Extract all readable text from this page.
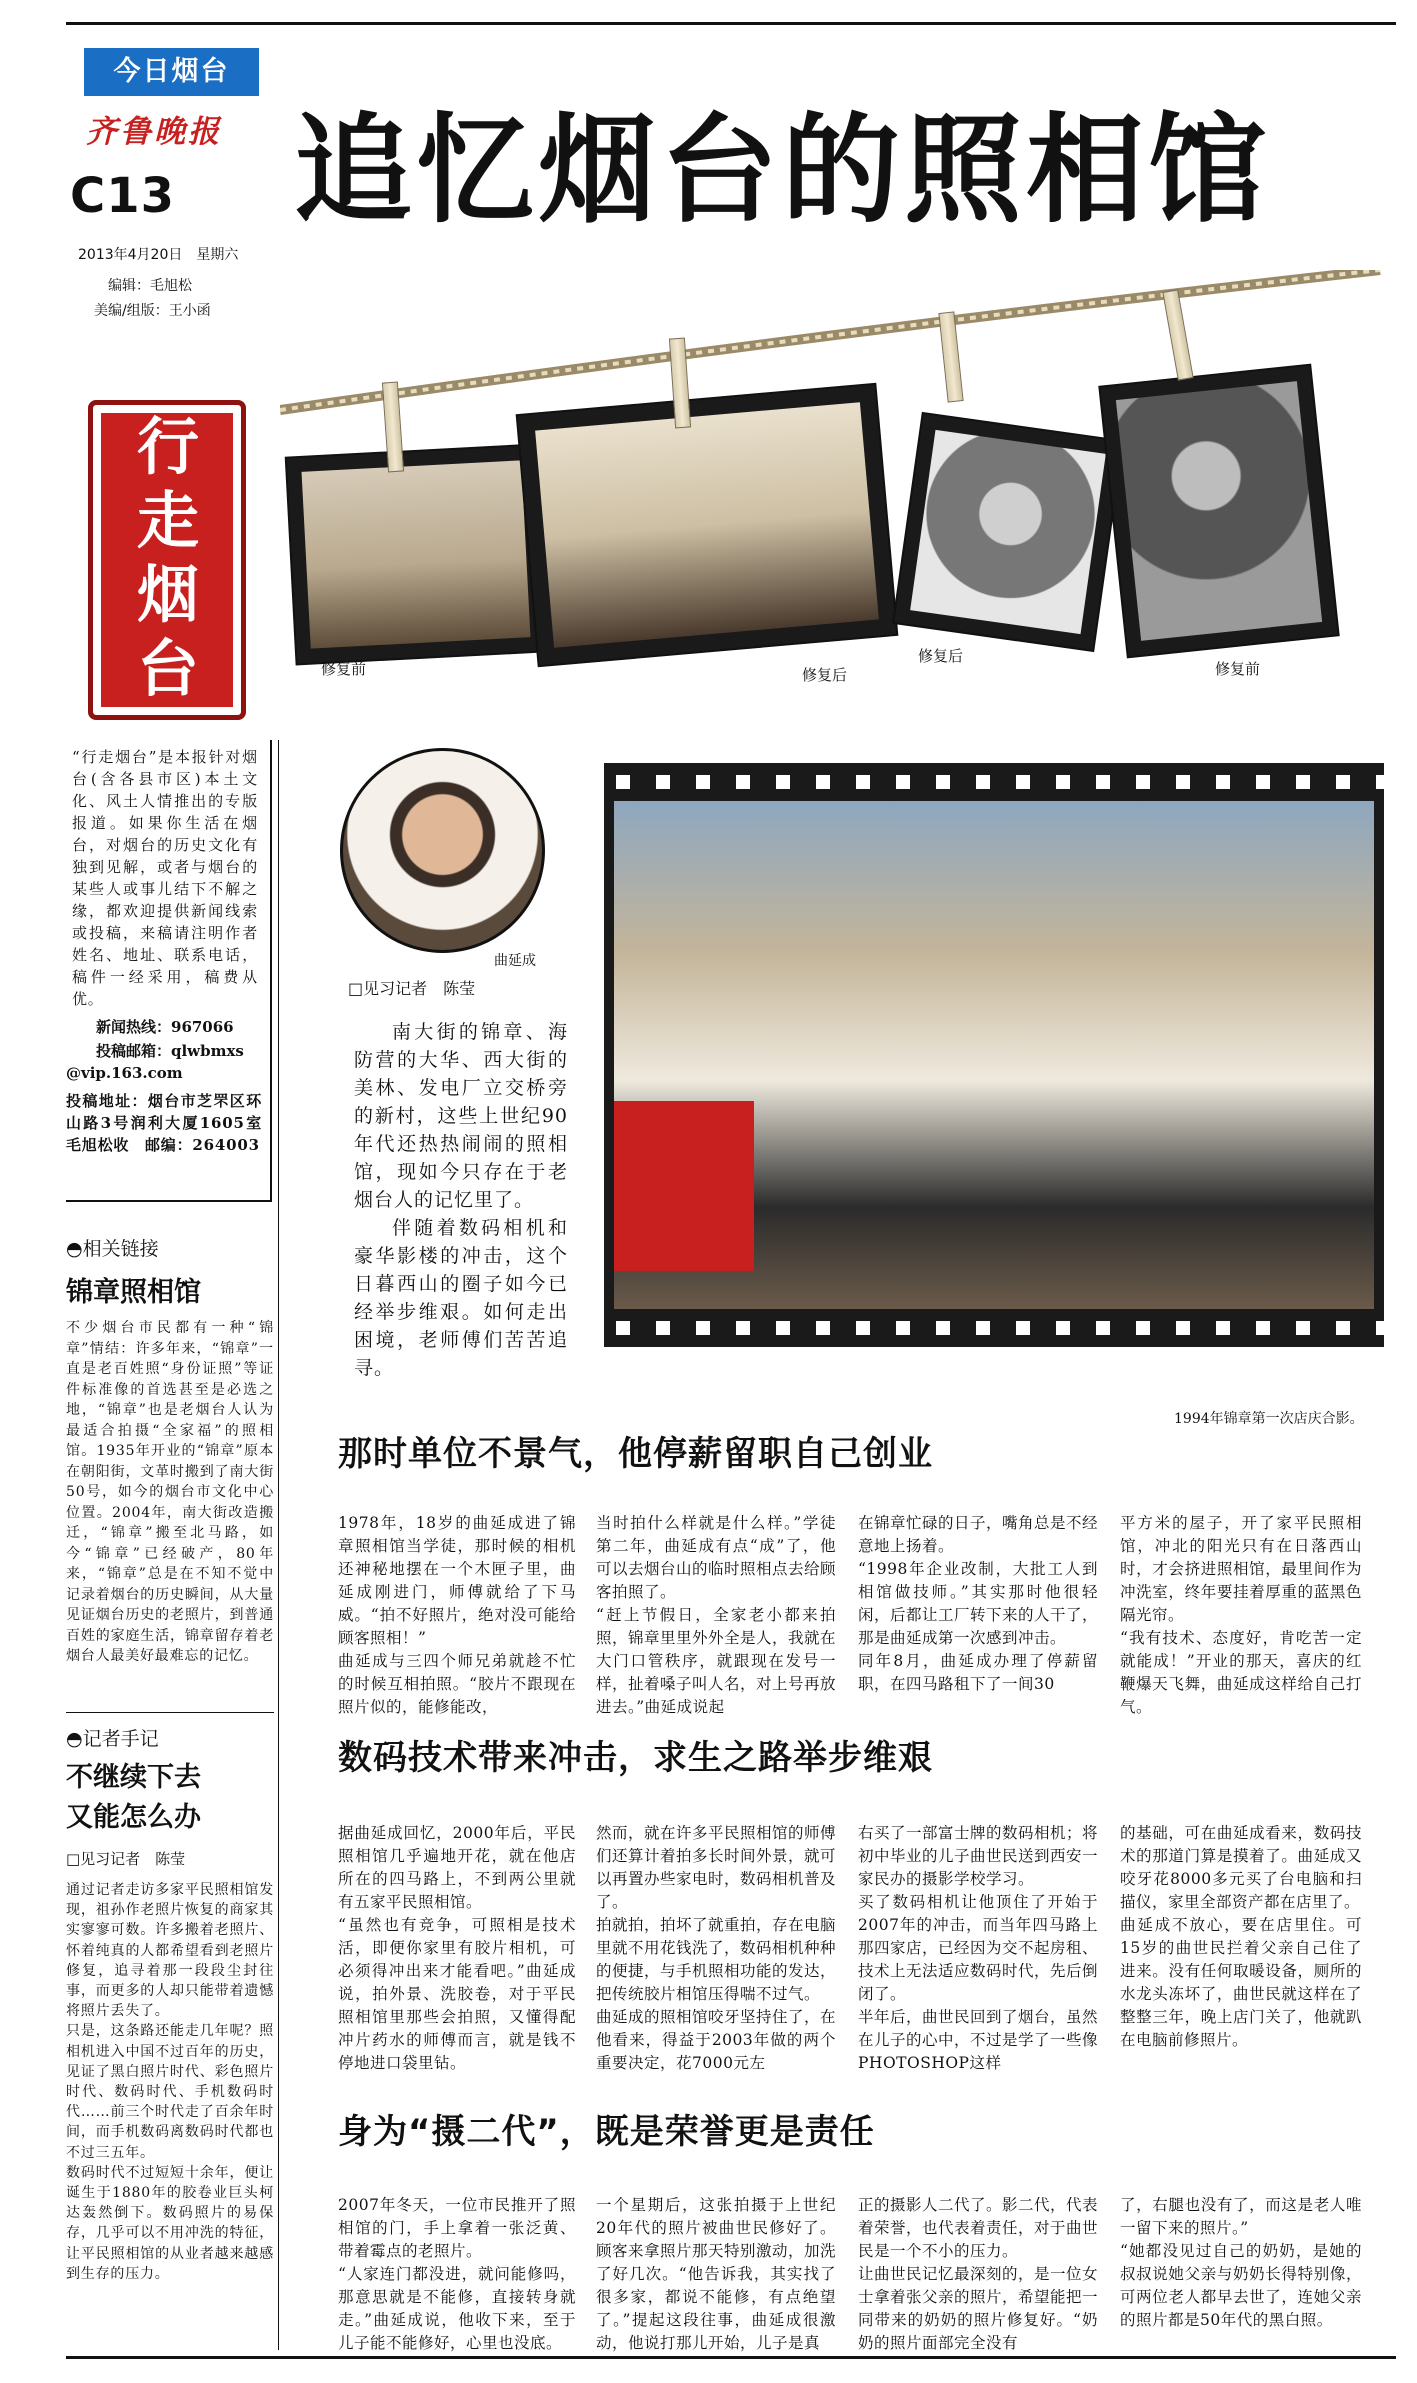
今日烟台
齐鲁晚报
C13
2013年4月20日　星期六
编辑：毛旭松
美编/组版：王小函
追忆烟台的照相馆
行
走
烟
台	修复前	修复后
修复后
修复前
“行走烟台”是本报针对烟台(含各县市区)本土文化、风土人情推出的专版报道。如果你生活在烟台，对烟台的历史文化有独到见解，或者与烟台的某些人或事儿结下不解之缘，都欢迎提供新闻线索或投稿，来稿请注明作者姓名、地址、联系电话，稿件一经采用，稿费从优。
新闻热线：967066
投稿邮箱：qlwbmxs
@vip.163.com
投稿地址：烟台市芝罘区环山路3号润利大厦1605室　毛旭松收　邮编：264003
◓相关链接
锦章照相馆
不少烟台市民都有一种“锦章”情结：许多年来，“锦章”一直是老百姓照“身份证照”等证件标准像的首选甚至是必选之地，“锦章”也是老烟台人认为最适合拍摄“全家福”的照相馆。1935年开业的“锦章”原本在朝阳街，文革时搬到了南大街50号，如今的烟台市文化中心位置。2004年，南大街改造搬迁，“锦章”搬至北马路，如今“锦章”已经破产，80年来，“锦章”总是在不知不觉中记录着烟台的历史瞬间，从大量见证烟台历史的老照片，到普通百姓的家庭生活，锦章留存着老烟台人最美好最难忘的记忆。
◓记者手记
不继续下去
又能怎么办
□见习记者　陈莹
通过记者走访多家平民照相馆发现，祖孙作老照片恢复的商家其实寥寥可数。许多搬着老照片、怀着纯真的人都希望看到老照片修复，追寻着那一段段尘封往事，而更多的人却只能带着遗憾将照片丢失了。
只是，这条路还能走几年呢？照相机进入中国不过百年的历史，见证了黑白照片时代、彩色照片时代、数码时代、手机数码时代……前三个时代走了百余年时间，而手机数码离数码时代都也不过三五年。
数码时代不过短短十余年，便让诞生于1880年的胶卷业巨头柯达轰然倒下。数码照片的易保存，几乎可以不用冲洗的特征，让平民照相馆的从业者越来越感到生存的压力。
曲延成
□见习记者　陈莹
南大街的锦章、海防营的大华、西大街的美林、发电厂立交桥旁的新村，这些上世纪90年代还热热闹闹的照相馆，现如今只存在于老烟台人的记忆里了。
伴随着数码相机和豪华影楼的冲击，这个日暮西山的圈子如今已经举步维艰。如何走出困境，老师傅们苦苦追寻。
1994年锦章第一次店庆合影。
那时单位不景气，他停薪留职自己创业
1978年，18岁的曲延成进了锦章照相馆当学徒，那时候的相机还神秘地摆在一个木匣子里，曲延成刚进门，师傅就给了下马威。“拍不好照片，绝对没可能给顾客照相！”
曲延成与三四个师兄弟就趁不忙的时候互相拍照。“胶片不跟现在照片似的，能修能改，
当时拍什么样就是什么样。”学徒第二年，曲延成有点“成”了，他可以去烟台山的临时照相点去给顾客拍照了。
“赶上节假日，全家老小都来拍照，锦章里里外外全是人，我就在大门口管秩序，就跟现在发号一样，扯着嗓子叫人名，对上号再放进去。”曲延成说起
在锦章忙碌的日子，嘴角总是不经意地上扬着。
“1998年企业改制，大批工人到相馆做技师。”其实那时他很轻闲，后都让工厂转下来的人干了，那是曲延成第一次感到冲击。
同年8月，曲延成办理了停薪留职，在四马路租下了一间30
平方米的屋子，开了家平民照相馆，冲北的阳光只有在日落西山时，才会挤进照相馆，最里间作为冲洗室，终年要挂着厚重的蓝黑色隔光帘。
“我有技术、态度好，肯吃苦一定就能成！”开业的那天，喜庆的红鞭爆天飞舞，曲延成这样给自己打气。
数码技术带来冲击，求生之路举步维艰
据曲延成回忆，2000年后，平民照相馆几乎遍地开花，就在他店所在的四马路上，不到两公里就有五家平民照相馆。
“虽然也有竞争，可照相是技术活，即便你家里有胶片相机，可必须得冲出来才能看吧。”曲延成说，拍外景、洗胶卷，对于平民照相馆里那些会拍照，又懂得配冲片药水的师傅而言，就是钱不停地进口袋里钻。
然而，就在许多平民照相馆的师傅们还算计着拍多长时间外景，就可以再置办些家电时，数码相机普及了。
拍就拍，拍坏了就重拍，存在电脑里就不用花钱洗了，数码相机种种的便捷，与手机照相功能的发达，把传统胶片相馆压得喘不过气。
曲延成的照相馆咬牙坚持住了，在他看来，得益于2003年做的两个重要决定，花7000元左
右买了一部富士牌的数码相机；将初中毕业的儿子曲世民送到西安一家民办的摄影学校学习。
买了数码相机让他顶住了开始于2007年的冲击，而当年四马路上那四家店，已经因为交不起房租、技术上无法适应数码时代，先后倒闭了。
半年后，曲世民回到了烟台，虽然在儿子的心中，不过是学了一些像PHOTOSHOP这样
的基础，可在曲延成看来，数码技术的那道门算是摸着了。曲延成又咬牙花8000多元买了台电脑和扫描仪，家里全部资产都在店里了。
曲延成不放心，要在店里住。可15岁的曲世民拦着父亲自己住了进来。没有任何取暖设备，厕所的水龙头冻坏了，曲世民就这样在了整整三年，晚上店门关了，他就趴在电脑前修照片。
身为“摄二代”，既是荣誉更是责任
2007年冬天，一位市民推开了照相馆的门，手上拿着一张泛黄、带着霉点的老照片。
“人家连门都没进，就问能修吗，那意思就是不能修，直接转身就走。”曲延成说，他收下来，至于儿子能不能修好，心里也没底。
一个星期后，这张拍摄于上世纪20年代的照片被曲世民修好了。顾客来拿照片那天特别激动，加洗了好几次。“他告诉我，其实找了很多家，都说不能修，有点绝望了。”提起这段往事，曲延成很激动，他说打那儿开始，儿子是真
正的摄影人二代了。影二代，代表着荣誉，也代表着责任，对于曲世民是一个不小的压力。
让曲世民记忆最深刻的，是一位女士拿着张父亲的照片，希望能把一同带来的奶奶的照片修复好。“奶奶的照片面部完全没有
了，右腿也没有了，而这是老人唯一留下来的照片。”
“她都没见过自己的奶奶，是她的叔叔说她父亲与奶奶长得特别像，可两位老人都早去世了，连她父亲的照片都是50年代的黑白照。
